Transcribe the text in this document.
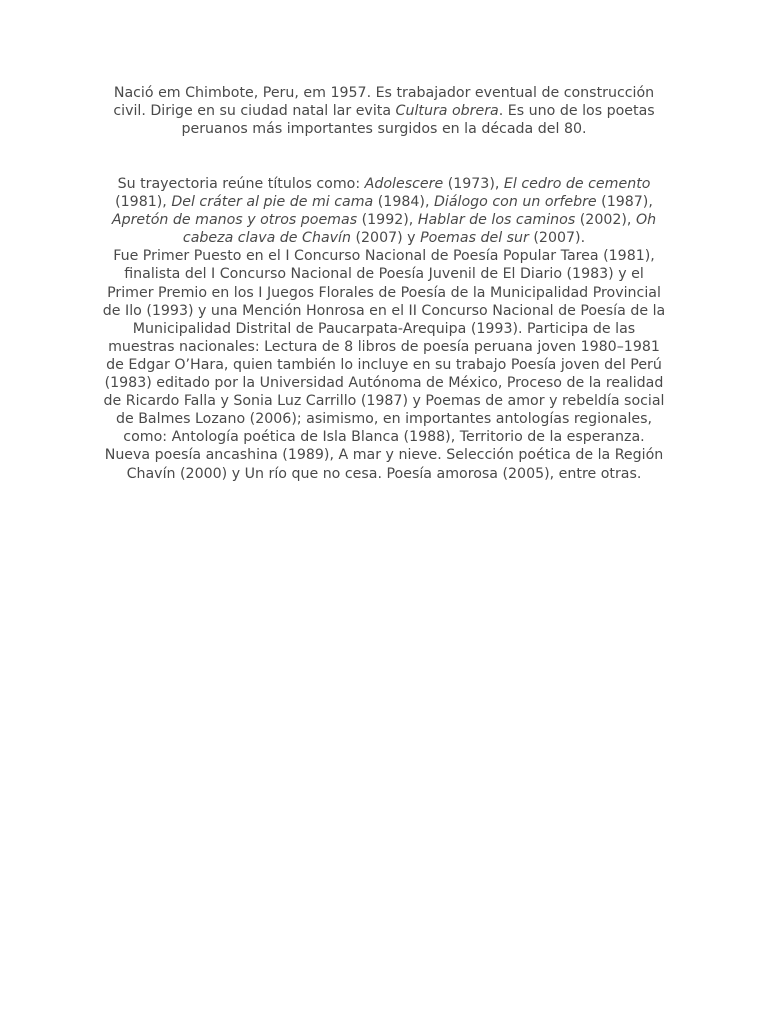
Nació em Chimbote, Peru, em 1957. Es trabajador eventual de construcción civil. Dirige en su ciudad natal lar evita Cultura obrera. Es uno de los poetas peruanos más importantes surgidos en la década del 80.

Su trayectoria reúne títulos como: Adolescere (1973), El cedro de cemento (1981), Del cráter al pie de mi cama (1984), Diálogo con un orfebre (1987), Apretón de manos y otros poemas (1992), Hablar de los caminos (2002), Oh cabeza clava de Chavín (2007) y Poemas del sur (2007).

Fue Primer Puesto en el I Concurso Nacional de Poesía Popular Tarea (1981), finalista del I Concurso Nacional de Poesía Juvenil de El Diario (1983) y el Primer Premio en los I Juegos Florales de Poesía de la Municipalidad Provincial de Ilo (1993) y una Mención Honrosa en el II Concurso Nacional de Poesía de la Municipalidad Distrital de Paucarpata-Arequipa (1993). Participa de las muestras nacionales: Lectura de 8 libros de poesía peruana joven 1980–1981 de Edgar O’Hara, quien también lo incluye en su trabajo Poesía joven del Perú (1983) editado por la Universidad Autónoma de México, Proceso de la realidad de Ricardo Falla y Sonia Luz Carrillo (1987) y Poemas de amor y rebeldía social de Balmes Lozano (2006); asimismo, en importantes antologías regionales, como: Antología poética de Isla Blanca (1988), Territorio de la esperanza. Nueva poesía ancashina (1989), A mar y nieve. Selección poética de la Región Chavín (2000) y Un río que no cesa. Poesía amorosa (2005), entre otras.
